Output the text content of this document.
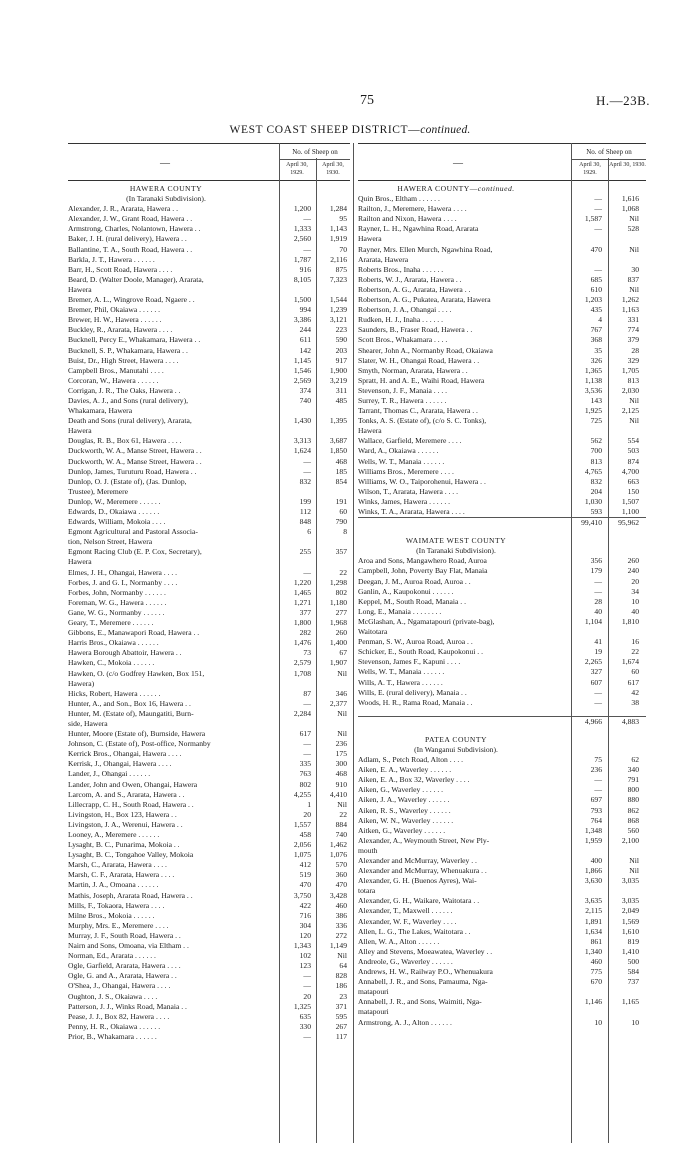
75	H.—23B.
WEST COAST SHEEP DISTRICT—continued.
—
No. of Sheep on
April 30, 1929.
April 30, 1930.
—
No. of Sheep on
April 30, 1929.
April 30, 1930.
HAWERA COUNTY
(In Taranaki Subdivision).
Alexander, J. R., Ararata, Hawera . .	1,200	1,284
Alexander, J. W., Grant Road, Hawera . .	—	95
Armstrong, Charles, Nolantown, Hawera . .	1,333	1,143
Baker, J. H. (rural delivery), Hawera . .	2,560	1,919
Ballantine, T. A., South Road, Hawera . .	—	70
Barkla, J. T., Hawera . . . . . .	1,787	2,116
Barr, H., Scott Road, Hawera . . . .	916	875
Beard, D. (Walter Doole, Manager), Ararata,	8,105	7,323
Hawera
Bremer, A. L., Wingrove Road, Ngaere . .	1,500	1,544
Bremer, Phil, Okaiawa . . . . . .	994	1,239
Brewer, H. W., Hawera . . . . . .	3,386	3,121
Buckley, R., Ararata, Hawera . . . .	244	223
Bucknell, Percy E., Whakamara, Hawera . .	611	590
Bucknell, S. P., Whakamara, Hawera . .	142	203
Buist, Dr., High Street, Hawera . . . .	1,145	917
Campbell Bros., Manutahi . . . .	1,546	1,900
Corcoran, W., Hawera . . . . . .	2,569	3,219
Corrigan, J. R., The Oaks, Hawera . .	374	311
Davies, A. J., and Sons (rural delivery),	740	485
Whakamara, Hawera
Death and Sons (rural delivery), Ararata,	1,430	1,395
Hawera
Douglas, R. B., Box 61, Hawera . . . .	3,313	3,687
Duckworth, W. A., Manse Street, Hawera . .	1,624	1,850
Duckworth, W. A., Manse Street, Hawera . .	—	468
Dunlop, James, Turuturu Road, Hawera . .	—	185
Dunlop, O. J. (Estate of), (Jas. Dunlop,	832	854
Trustee), Meremere
Dunlop, W., Meremere . . . . . .	199	191
Edwards, D., Okaiawa . . . . . .	112	60
Edwards, William, Mokoia . . . .	848	790
Egmont Agricultural and Pastoral Associa-	6	8
tion, Nelson Street, Hawera
Egmont Racing Club (E. P. Cox, Secretary),	255	357
Hawera
Elmes, J. H., Ohangai, Hawera . . . .	—	22
Forbes, J. and G. I., Normanby . . . .	1,220	1,298
Forbes, John, Normanby . . . . . .	1,465	802
Foreman, W. G., Hawera . . . . . .	1,271	1,180
Gane, W. G., Normanby . . . . . .	377	277
Geary, T., Meremere . . . . . .	1,800	1,968
Gibbons, E., Manawapori Road, Hawera . .	282	260
Harris Bros., Okaiawa . . . . . .	1,476	1,400
Hawera Borough Abattoir, Hawera . .	73	67
Hawken, C., Mokoia . . . . . .	2,579	1,907
Hawken, O. (c/o Godfrey Hawken, Box 151,	1,708	Nil
Hawera)
Hicks, Robert, Hawera . . . . . .	87	346
Hunter, A., and Son., Box 16, Hawera . .	—	2,377
Hunter, M. (Estate of), Maungatiti, Burn-	2,284	Nil
side, Hawera
Hunter, Moore (Estate of), Burnside, Hawera	617	Nil
Johnson, C. (Estate of), Post-office, Normanby	—	236
Kerrick Bros., Ohangai, Hawera . . . .	—	175
Kerrisk, J., Ohangai, Hawera . . . .	335	300
Lander, J., Ohangai . . . . . .	763	468
Lander, John and Owen, Ohangai, Hawera	802	910
Larcom, A. and S., Ararata, Hawera . .	4,255	4,410
Lillecrapp, C. H., South Road, Hawera . .	1	Nil
Livingston, H., Box 123, Hawera . .	20	22
Livingston, J. A., Werenui, Hawera . .	1,557	884
Looney, A., Meremere . . . . . .	458	740
Lysaght, B. C., Punarima, Mokoia . .	2,056	1,462
Lysaght, B. C., Tongahoe Valley, Mokoia	1,075	1,076
Marsh, C., Ararata, Hawera . . . .	412	570
Marsh, C. F., Ararata, Hawera . . . .	519	360
Martin, J. A., Omoana . . . . . .	470	470
Mathis, Joseph, Ararata Road, Hawera . .	3,750	3,428
Mills, F., Tokaora, Hawera . . . .	422	460
Milne Bros., Mokoia . . . . . .	716	386
Murphy, Mrs. E., Meremere . . . .	304	336
Murray, J. F., South Road, Hawera . .	120	272
Nairn and Sons, Omoana, via Eltham . .	1,343	1,149
Norman, Ed., Ararata . . . . . .	102	Nil
Ogle, Garfield, Ararata, Hawera . . . .	123	64
Ogle, G. and A., Ararata, Hawera . .	—	828
O'Shea, J., Ohangai, Hawera . . . .	—	186
Oughton, J. S., Okaiawa . . . .	20	23
Patterson, J. J., Winks Road, Manaia . .	1,325	371
Pease, J. J., Box 82, Hawera . . . .	635	595
Penny, H. R., Okaiawa . . . . . .	330	267
Prior, B., Whakamara . . . . . .	—	117
HAWERA COUNTY—continued.
Quin Bros., Eltham . . . . . .	—	1,616
Railton, J., Meremere, Hawera . . . .	—	1,068
Railton and Nixon, Hawera . . . .	1,587	Nil
Rayner, L. H., Ngawhina Road, Ararata	—	528
Hawera
Rayner, Mrs. Ellen Murch, Ngawhina Road,	470	Nil
Ararata, Hawera
Roberts Bros., Inaha . . . . . .	—	30
Roberts, W. J., Ararata, Hawera . .	685	837
Robertson, A. G., Ararata, Hawera . .	610	Nil
Robertson, A. G., Pukatea, Ararata, Hawera	1,203	1,262
Robertson, J. A., Ohangai . . . .	435	1,163
Rudken, H. J., Inaha . . . . . .	4	331
Saunders, B., Fraser Road, Hawera . .	767	774
Scott Bros., Whakamara . . . .	368	379
Shearer, John A., Normanby Road, Okaiawa	35	28
Slater, W. H., Ohangai Road, Hawera . .	326	329
Smyth, Norman, Ararata, Hawera . .	1,365	1,705
Spratt, H. and A. E., Waihi Road, Hawera	1,138	813
Stevenson, J. F., Manaia . . . .	3,536	2,030
Surrey, T. R., Hawera . . . . . .	143	Nil
Tarrant, Thomas C., Ararata, Hawera . .	1,925	2,125
Tonks, A. S. (Estate of), (c/o S. C. Tonks),	725	Nil
Hawera
Wallace, Garfield, Meremere . . . .	562	554
Ward, A., Okaiawa . . . . . .	700	503
Wells, W. T., Manaia . . . . . .	813	874
Williams Bros., Meremere . . . .	4,765	4,700
Williams, W. O., Taiporohenui, Hawera . .	832	663
Wilson, T., Ararata, Hawera . . . .	204	150
Winks, James, Hawera . . . . . .	1,030	1,507
Winks, T. A., Ararata, Hawera . . . .	593	1,100
99,410	95,962
WAIMATE WEST COUNTY
(In Taranaki Subdivision).
Aroa and Sons, Mangawhero Road, Auroa	356	260
Campbell, John, Poverty Bay Flat, Manaia	179	240
Deegan, J. M., Auroa Road, Auroa . .	—	20
Ganlin, A., Kaupokonui . . . . . .	—	34
Keppel, M., South Road, Manaia . .	28	10
Long, E., Manaia . . . . . . . .	40	40
McGlashan, A., Ngamatapouri (private-bag),	1,104	1,810
Waitotara
Penman, S. W., Auroa Road, Auroa . .	41	16
Schicker, E., South Road, Kaupokonui . .	19	22
Stevenson, James F., Kapuni . . . .	2,265	1,674
Wells, W. T., Manaia . . . . . .	327	60
Wills, A. T., Hawera . . . . . .	607	617
Wills, E. (rural delivery), Manaia . .	—	42
Woods, H. R., Rama Road, Manaia . .	—	38
4,966	4,883
PATEA COUNTY
(In Wanganui Subdivision).
Adlam, S., Petch Road, Alton . . . .	75	62
Aiken, E. A., Waverley . . . . . .	236	340
Aiken, E. A., Box 32, Waverley . . . .	—	791
Aiken, G., Waverley . . . . . .	—	800
Aiken, J. A., Waverley . . . . . .	697	880
Aiken, R. S., Waverley . . . . . .	793	862
Aiken, W. N., Waverley . . . . . .	764	868
Aitken, G., Waverley . . . . . .	1,348	560
Alexander, A., Weymouth Street, New Ply-	1,959	2,100
mouth
Alexander and McMurray, Waverley . .	400	Nil
Alexander and McMurray, Whenuakura . .	1,866	Nil
Alexander, G. H. (Buenos Ayres), Wai-	3,630	3,035
totara
Alexander, G. H., Waikare, Waitotara . .	3,635	3,035
Alexander, T., Maxwell . . . . . .	2,115	2,049
Alexander, W. F., Waverley . . . .	1,891	1,569
Allen, L. G., The Lakes, Waitotara . .	1,634	1,610
Allen, W. A., Alton . . . . . .	861	819
Alley and Stevens, Moeawatea, Waverley . .	1,340	1,410
Andreole, G., Waverley . . . . . .	460	500
Andrews, H. W., Railway P.O., Whenuakura	775	584
Annabell, J. R., and Sons, Pamauma, Nga-	670	737
matapouri
Annabell, J. R., and Sons, Waimiti, Nga-	1,146	1,165
matapouri
Armstrong, A. J., Alton . . . . . .	10	10
